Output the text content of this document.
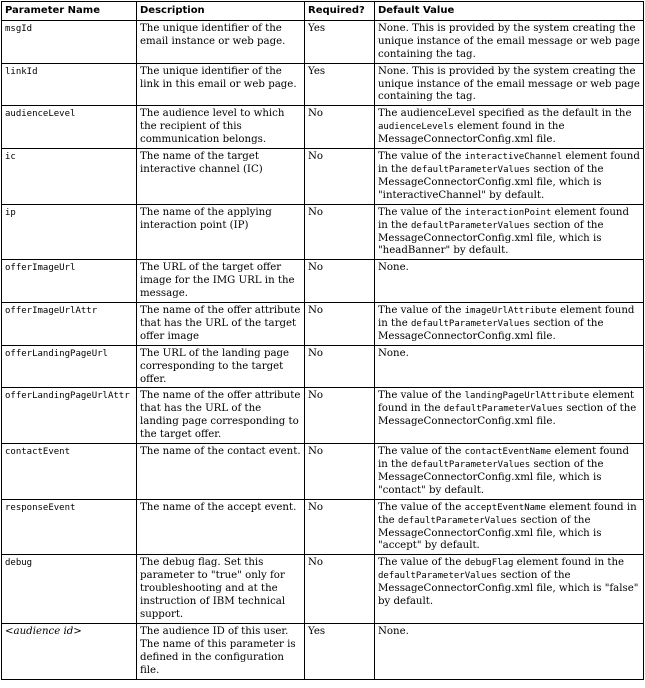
Parameter Name	Description	Required?	Default Value
msgId	The unique identifier of the email instance or web page.	Yes	None. This is provided by the system creating the unique instance of the email message or web page containing the tag.
linkId	The unique identifier of the link in this email or web page.	Yes	None. This is provided by the system creating the unique instance of the email message or web page containing the tag.
audienceLevel	The audience level to which the recipient of this communication belongs.	No	The audienceLevel specified as the default in the audienceLevels element found in the MessageConnectorConfig.xml file.
ic	The name of the target interactive channel (IC)	No	The value of the interactiveChannel element found in the defaultParameterValues section of the MessageConnectorConfig.xml file, which is "interactiveChannel" by default.
ip	The name of the applying interaction point (IP)	No	The value of the interactionPoint element found in the defaultParameterValues section of the MessageConnectorConfig.xml file, which is "headBanner" by default.
offerImageUrl	The URL of the target offer image for the IMG URL in the message.	No	None.
offerImageUrlAttr	The name of the offer attribute that has the URL of the target offer image	No	The value of the imageUrlAttribute element found in the defaultParameterValues section of the MessageConnectorConfig.xml file.
offerLandingPageUrl	The URL of the landing page corresponding to the target offer.	No	None.
offerLandingPageUrlAttr	The name of the offer attribute that has the URL of the landing page corresponding to the target offer.	No	The value of the landingPageUrlAttribute element found in the defaultParameterValues section of the MessageConnectorConfig.xml file.
contactEvent	The name of the contact event.	No	The value of the contactEventName element found in the defaultParameterValues section of the MessageConnectorConfig.xml file, which is "contact" by default.
responseEvent	The name of the accept event.	No	The value of the acceptEventName element found in the defaultParameterValues section of the MessageConnectorConfig.xml file, which is "accept" by default.
debug	The debug flag. Set this parameter to "true" only for troubleshooting and at the instruction of IBM technical support.	No	The value of the debugFlag element found in the defaultParameterValues section of the MessageConnectorConfig.xml file, which is "false" by default.
<audience id>	The audience ID of this user. The name of this parameter is defined in the configuration file.	Yes	None.
